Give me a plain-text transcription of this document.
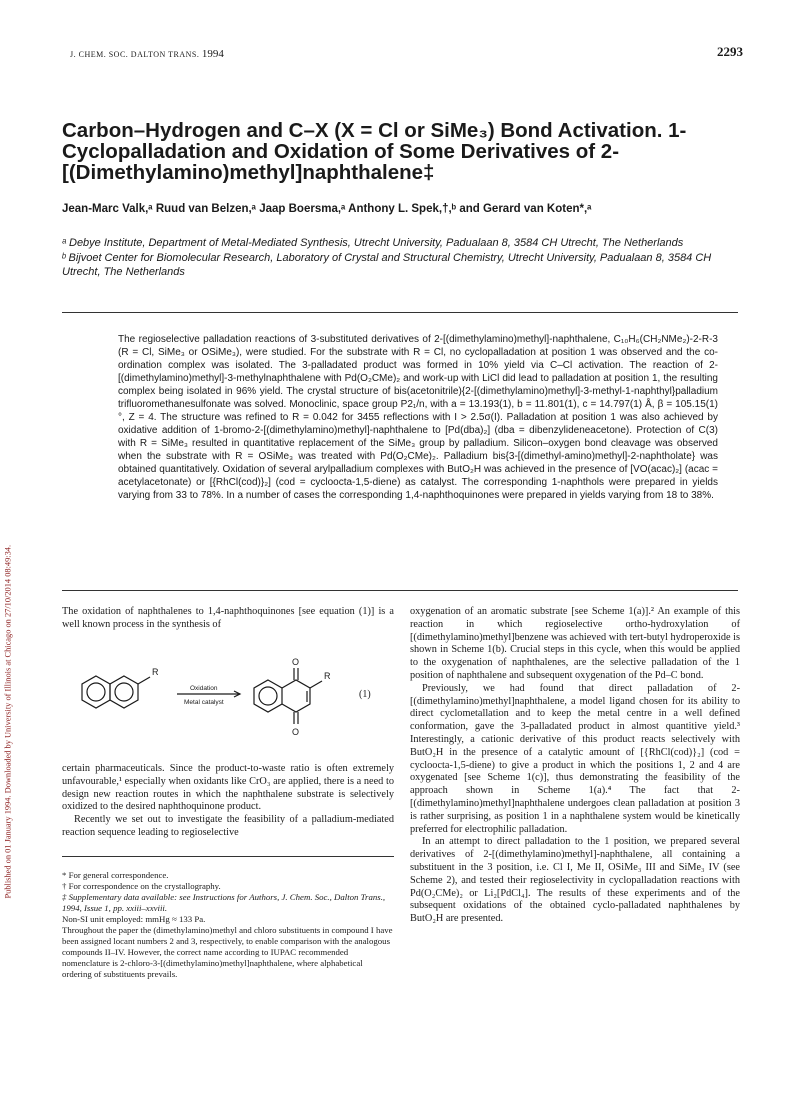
Published on 01 January 1994. Downloaded by University of Illinois at Chicago on 27/10/2014 08:49:34.
J. CHEM. SOC. DALTON TRANS. 1994	2293
Carbon–Hydrogen and C–X (X = Cl or SiMe₃) Bond Activation. 1-Cyclopalladation and Oxidation of Some Derivatives of 2-[(Dimethylamino)methyl]naphthalene‡
Jean-Marc Valk,ᵃ Ruud van Belzen,ᵃ Jaap Boersma,ᵃ Anthony L. Spek,†,ᵇ and Gerard van Koten*,ᵃ
ᵃ Debye Institute, Department of Metal-Mediated Synthesis, Utrecht University, Padualaan 8, 3584 CH Utrecht, The Netherlands
ᵇ Bijvoet Center for Biomolecular Research, Laboratory of Crystal and Structural Chemistry, Utrecht University, Padualaan 8, 3584 CH Utrecht, The Netherlands
The regioselective palladation reactions of 3-substituted derivatives of 2-[(dimethylamino)methyl]-naphthalene, C₁₀H₆(CH₂NMe₂)-2-R-3 (R = Cl, SiMe₃ or OSiMe₃), were studied. For the substrate with R = Cl, no cyclopalladation at position 1 was observed and the co-ordination complex was isolated. The 3-palladated product was formed in 10% yield via C–Cl activation. The reaction of 2-[(dimethylamino)methyl]-3-methylnaphthalene with Pd(O₂CMe)₂ and work-up with LiCl did lead to palladation at position 1, the resulting complex being isolated in 96% yield. The crystal structure of bis(acetonitrile){2-[(dimethylamino)methyl]-3-methyl-1-naphthyl}palladium trifluoromethanesulfonate was solved. Monoclinic, space group P2₁/n, with a = 13.193(1), b = 11.801(1), c = 14.797(1) Å, β = 105.15(1)°, Z = 4. The structure was refined to R = 0.042 for 3455 reflections with I > 2.5σ(I). Palladation at position 1 was also achieved by oxidative addition of 1-bromo-2-[(dimethylamino)methyl]-naphthalene to [Pd(dba)₂] (dba = dibenzylideneacetone). Protection of C(3) with R = SiMe₃ resulted in quantitative replacement of the SiMe₃ group by palladium. Silicon–oxygen bond cleavage was observed when the substrate with R = OSiMe₃ was treated with Pd(O₂CMe)₂. Palladium bis{3-[(dimethyl-amino)methyl]-2-naphtholate} was obtained quantitatively. Oxidation of several arylpalladium complexes with ButO₂H was achieved in the presence of [VO(acac)₂] (acac = acetylacetonate) or [{RhCl(cod)}₂] (cod = cycloocta-1,5-diene) as catalyst. The corresponding 1-naphthols were prepared in yields varying from 33 to 78%. In a number of cases the corresponding 1,4-naphthoquinones were prepared in yields varying from 18 to 38%.

The oxidation of naphthalenes to 1,4-naphthoquinones [see equation (1)] is a well known process in the synthesis of

R	R
O
O
Oxidation
Metal catalyst
(1)

certain pharmaceuticals. Since the product-to-waste ratio is often extremely unfavourable,¹ especially when oxidants like CrO₃ are applied, there is a need to design new reaction routes in which the naphthalene substrate is selectively oxidized to the desired naphthoquinone product.

Recently we set out to investigate the feasibility of a palladium-mediated reaction sequence leading to regioselective

* For general correspondence.

† For correspondence on the crystallography.

‡ Supplementary data available: see Instructions for Authors, J. Chem. Soc., Dalton Trans., 1994, Issue 1, pp. xxiii–xxviii.

Non-SI unit employed: mmHg ≈ 133 Pa.

Throughout the paper the (dimethylamino)methyl and chloro substituents in compound I have been assigned locant numbers 2 and 3, respectively, to enable comparison with the analogous compounds II–IV. However, the correct name according to IUPAC recommended nomenclature is 2-chloro-3-[(dimethylamino)methyl]naphthalene, where alphabetical ordering of substituents prevails.

oxygenation of an aromatic substrate [see Scheme 1(a)].² An example of this reaction in which regioselective ortho-hydroxylation of [(dimethylamino)methyl]benzene was achieved with tert-butyl hydroperoxide is shown in Scheme 1(b). Crucial steps in this cycle, when this would be applied to the oxygenation of naphthalenes, are the selective palladation of the 1 position of naphthalene and subsequent oxygenation of the Pd–C bond.

Previously, we had found that direct palladation of 2-[(dimethylamino)methyl]naphthalene, a model ligand chosen for its ability to direct cyclometallation and to keep the metal centre in a well defined conformation, gave the 3-palladated product in almost quantitive yield.³ Interestingly, a cationic derivative of this product reacts selectively with ButO₂H in the presence of a catalytic amount of [{RhCl(cod)}₂] (cod = cycloocta-1,5-diene) to give a product in which the positions 1, 2 and 4 are oxygenated [see Scheme 1(c)], thus demonstrating the feasibility of the approach shown in Scheme 1(a).⁴ The fact that 2-[(dimethylamino)methyl]naphthalene undergoes clean palladation at position 3 is rather surprising, as position 1 in a naphthalene system would be kinetically preferred for electrophilic palladation.

In an attempt to direct palladation to the 1 position, we prepared several derivatives of 2-[(dimethylamino)methyl]-naphthalene, all containing a substituent in the 3 position, i.e. Cl I, Me II, OSiMe₃ III and SiMe₃ IV (see Scheme 2), and tested their regioselectivity in cyclopalladation reactions with Pd(O₂CMe)₂ or Li₂[PdCl₄]. The results of these experiments and of the subsequent oxidations of the obtained cyclo-palladated naphthalenes by ButO₂H are presented.
